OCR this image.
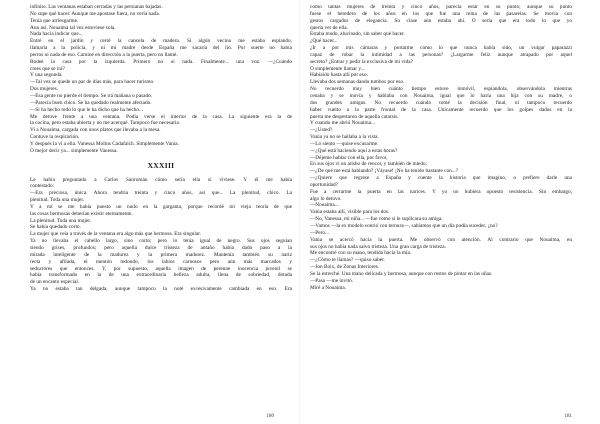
infinito. Las ventanas estaban cerradas y las persianas bajadas.
No supe qué hacer. Aunque me apostase fuera, no vería nada.
Tenía que arriesgarme.
Aun así, Nouaima tal vez estuviese sola.
Nada hacía indicar que...
Entré en el jardín y cerré la cancela de madera. Si algún vecino me estaba espiando,
llamaría a la policía, y ni mi madre desde España me sacaría del lío. Por suerte no había
perros ni nada de eso. Caminé en dirección a la puerta, pero no llamé.
Rodeé la casa por la izquierda. Primero no oí nada. Finalmente... una voz. —¿Cuándo
crees que se irá?
Y una segunda.
—Tal vez se quede un par de días más, para hacer turismo.
Dos mujeres.
—Esa gente no pierde el tiempo. Se irá mañana o pasado.
—Parecía buen chico. Se ha quedado realmente afectado.
—Si ha hecho todo lo que le ha dicho que ha hecho...
Me detuve frente a una ventana. Podía verse el interior de la casa. La siguiente era la de
la cocina, pero estaba abierta y no me acerqué. Tampoco fue necesario.
Vi a Nouaima, cargada con unos platos que llevaba a la mesa.
Contuve la respiración.
Y después la vi a ella. Vanessa Molins Cadafalch. Simplemente Vania.
O mejor decir ya... simplemente Vanessa.
XXXIII
Le había preguntado a Carlos Sanromán cómo sería ella si viviese. Y él me había
contestado:
—Era preciosa, única. Ahora tendría treinta y cinco años, así que... La plenitud, chico. La
plenitud. Toda una mujer.
Y a mí se me había puesto un nudo en la garganta, porque recordé mi vieja teoría de que
las cosas hermosas deberían existir eternamente.
La plenitud. Toda una mujer.
Se había quedado corto.
La mujer que veía a través de la ventana era algo más que hermosa. Era singular.
Ya no llevaba el cabello largo, sino corto; pero lo tenía igual de negro. Sus ojos seguían
siendo grises, profundos; pero aquella dulce tristeza de antaño había dado paso a la
mirada inteligente de la madurez y la primera madurez. Mantenía también su nariz
recta y afilada, el mentón redondo, los labios carnosos pero aún más marcados y
seductores que entonces. Y, por supuesto, aquella imagen de perenne inocencia juvenil se
había transformado en la de una extraordinaria belleza adulta, llena de sobriedad, dotada
de un encanto especial.
Ya no estaba tan delgada, aunque tampoco la noté excesivamente cambiada en eso. Era
180
como tantas mujeres de treinta y cinco años, parecía estar en su punto; aunque su punto
fuese el heredero de los años en los que fue una reina de las pasarelas. Se movía con
gestos cargados de elegancia. Su clase aún estaba ahí. O sería que era todo lo que yo
quería ver de ella.
Estaba mudo, alucinado, sin saber qué hacer.
¿Qué hacer...
¿Ir a por mis cámaras y portarme como lo que nunca había sido, un vulgar paparazzi
capaz de robar la intimidad a las personas? ¿Largarme feliz aunque atrapado por aquel
secreto? ¿Entrar y pedir la exclusiva de mi vida?
O simplemente llamar y...
Habíaido hasta allí por eso.
Llevaba dos semanas dando tumbos por eso.
No recuerdo muy bien cuánto tiempo estuve inmóvil, espiándola, observándola mientras
cenaba y se movía y hablaba con Nouaima, igual que lo haría una hija con su madre, o
dos grandes amigas. No recuerdo cuándo tomé la decisión final, ni tampoco recuerdo
haber vuelto a la parte frontal de la casa. Únicamente recuerdo que los golpes dados en la
puerta me despertaron de aquella catarsis.
Y cuando me abrió Nouaima...
—¿Usted?
Vania ya no se hallaba a la vista.
—Lo siento —quise excusarme.
—¿Qué está haciendo aquí a estas horas?
—Déjeme hablar con ella, por favor,
En sus ojos vi un atisbo de rencor, y también de miedo.
—¿De qué me está hablando? ¡Váyase! ¡No ha tenido bastante con...?
—¿Quiere que regrese a España y cuente la historia que imagino, o prefiere darle una
oportunidad?
Fue a cerrarme la puerta en las narices. Y yo no hubiera opuesto resistencia. Sin embargo,
algo lo detuvo.
—Nouaima...
Vania estaba allí, visible para los dos.
—No, Vanessa, mi niña... —fue como si le suplicara su amiga.
—Vamos —la ex modelo sonrió con ternura—, sabíamos que un día podía suceder, ¿no?
—Pero...
Vania se acercó hacia la puerta. Me observó con atención. Al contrario que Nouaima, en
sus ojos no había nada salvo tristeza. Una gran carga de tristeza.
Me encontré con su mano, tendida hacia la mía.
—¿Cómo te llamas? —quiso saber.
—Jon Boix, de Zonas Interiores.
Se la estreché. Una mano delicada y hermosa, aunque con restos de pintar en las uñas.
—Pasa —me invitó.
Miré a Nouaima.
181
